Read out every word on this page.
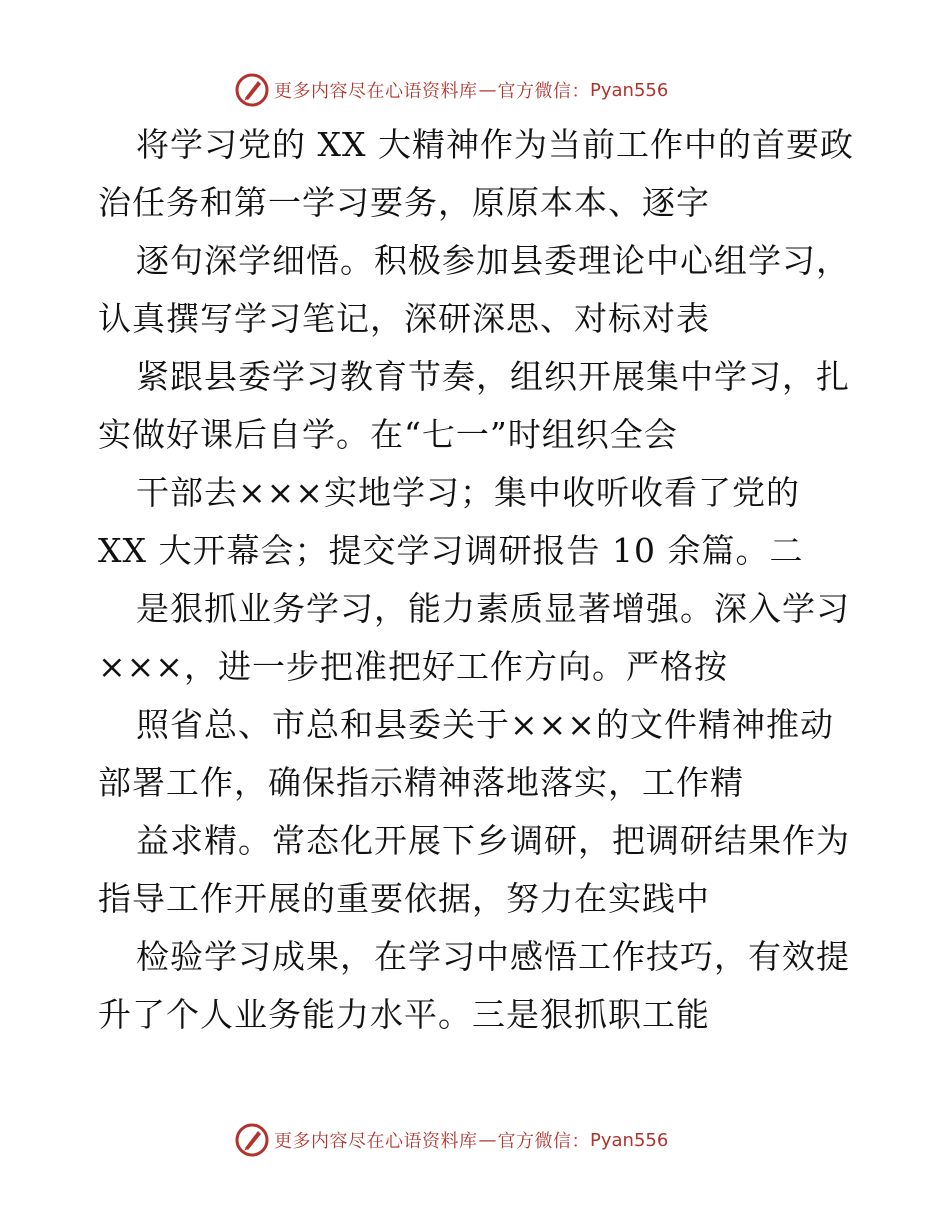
更多内容尽在心语资料库 — 官方微信： Pyan556
将学习党的 XX 大精神作为当前工作中的首要政
治任务和第一学习要务，原原本本、逐字
逐句深学细悟。积极参加县委理论中心组学习，
认真撰写学习笔记，深研深思、对标对表
紧跟县委学习教育节奏，组织开展集中学习，扎
实做好课后自学。在“七一”时组织全会
干部去×××实地学习；集中收听收看了党的
XX 大开幕会；提交学习调研报告 10 余篇。二
是狠抓业务学习，能力素质显著增强。深入学习
×××，进一步把准把好工作方向。严格按
照省总、市总和县委关于×××的文件精神推动
部署工作，确保指示精神落地落实，工作精
益求精。常态化开展下乡调研，把调研结果作为
指导工作开展的重要依据，努力在实践中
检验学习成果，在学习中感悟工作技巧，有效提
升了个人业务能力水平。三是狠抓职工能
更多内容尽在心语资料库 — 官方微信： Pyan556
